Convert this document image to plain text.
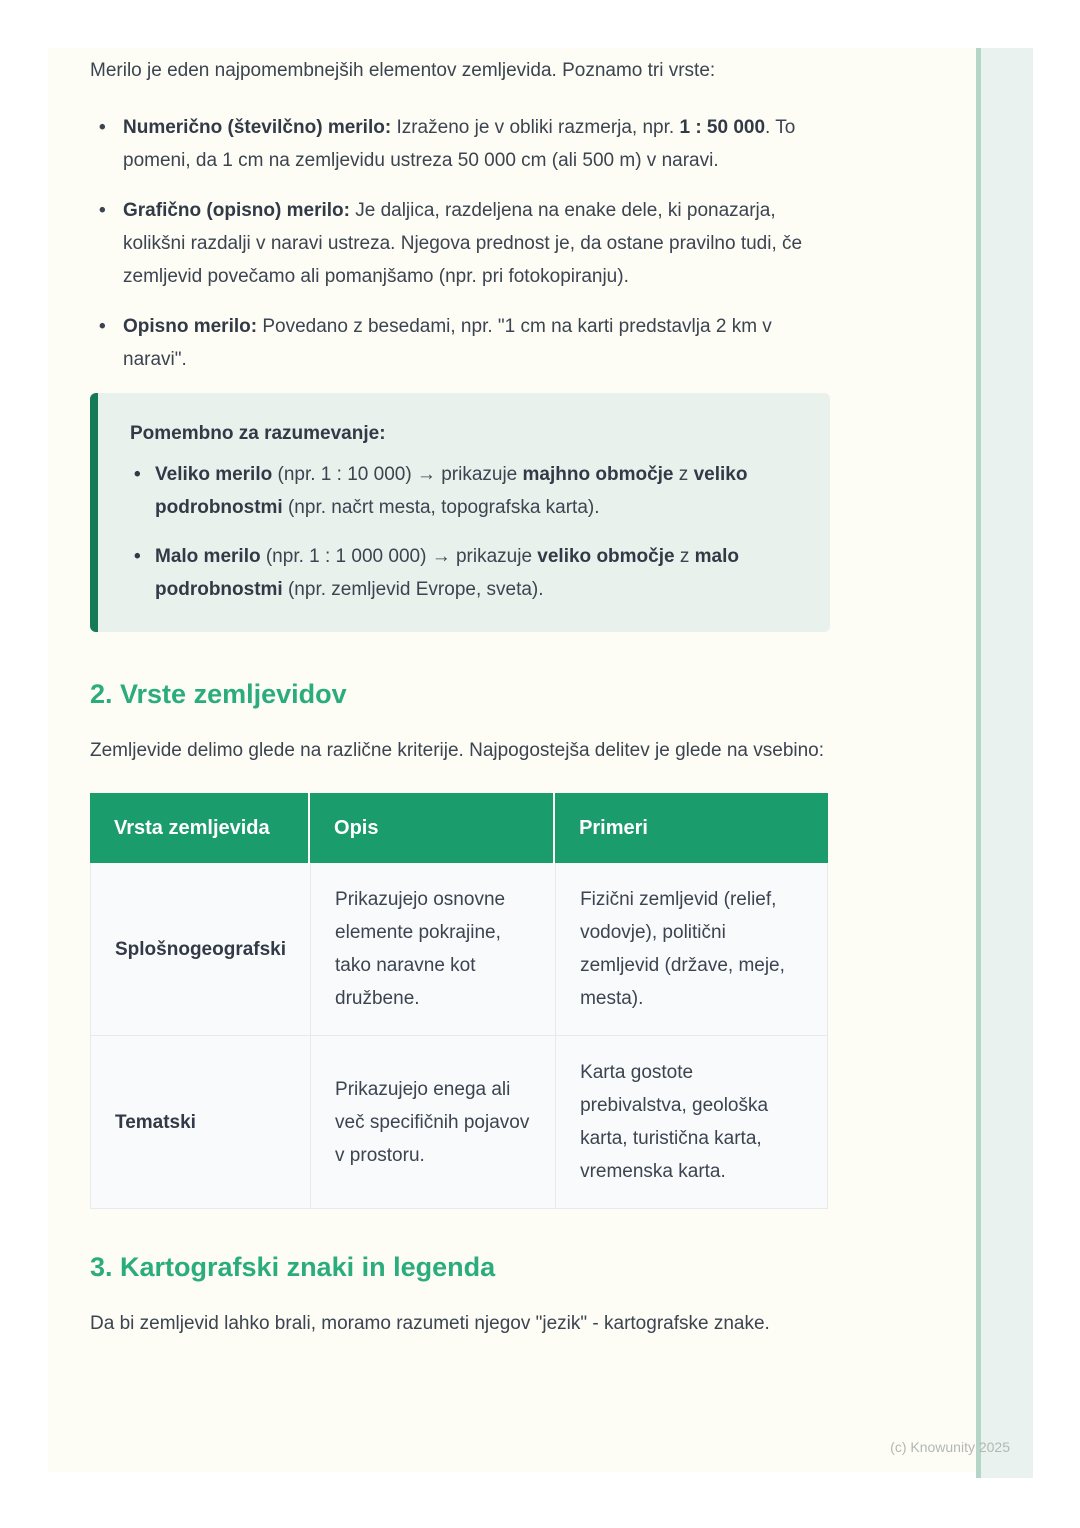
Merilo je eden najpomembnejših elementov zemljevida. Poznamo tri vrste:

• Numerično (številčno) merilo: Izraženo je v obliki razmerja, npr. 1 : 50 000. To pomeni, da 1 cm na zemljevidu ustreza 50 000 cm (ali 500 m) v naravi.
• Grafično (opisno) merilo: Je daljica, razdeljena na enake dele, ki ponazarja, kolikšni razdalji v naravi ustreza. Njegova prednost je, da ostane pravilno tudi, če zemljevid povečamo ali pomanjšamo (npr. pri fotokopiranju).
• Opisno merilo: Povedano z besedami, npr. "1 cm na karti predstavlja 2 km v naravi".

Pomembno za razumevanje:

• Veliko merilo (npr. 1 : 10 000) → prikazuje majhno območje z veliko podrobnostmi (npr. načrt mesta, topografska karta).
• Malo merilo (npr. 1 : 1 000 000) → prikazuje veliko območje z malo podrobnostmi (npr. zemljevid Evrope, sveta).
2. Vrste zemljevidov

Zemljevide delimo glede na različne kriterije. Najpogostejša delitev je glede na vsebino:

Vrsta zemljevida	Opis	Primeri
Splošnogeografski	Prikazujejo osnovne elemente pokrajine, tako naravne kot družbene.	Fizični zemljevid (relief, vodovje), politični zemljevid (države, meje, mesta).
Tematski	Prikazujejo enega ali več specifičnih pojavov v prostoru.	Karta gostote prebivalstva, geološka karta, turistična karta, vremenska karta.
3. Kartografski znaki in legenda

Da bi zemljevid lahko brali, moramo razumeti njegov "jezik" - kartografske znake.

(c) Knowunity 2025
